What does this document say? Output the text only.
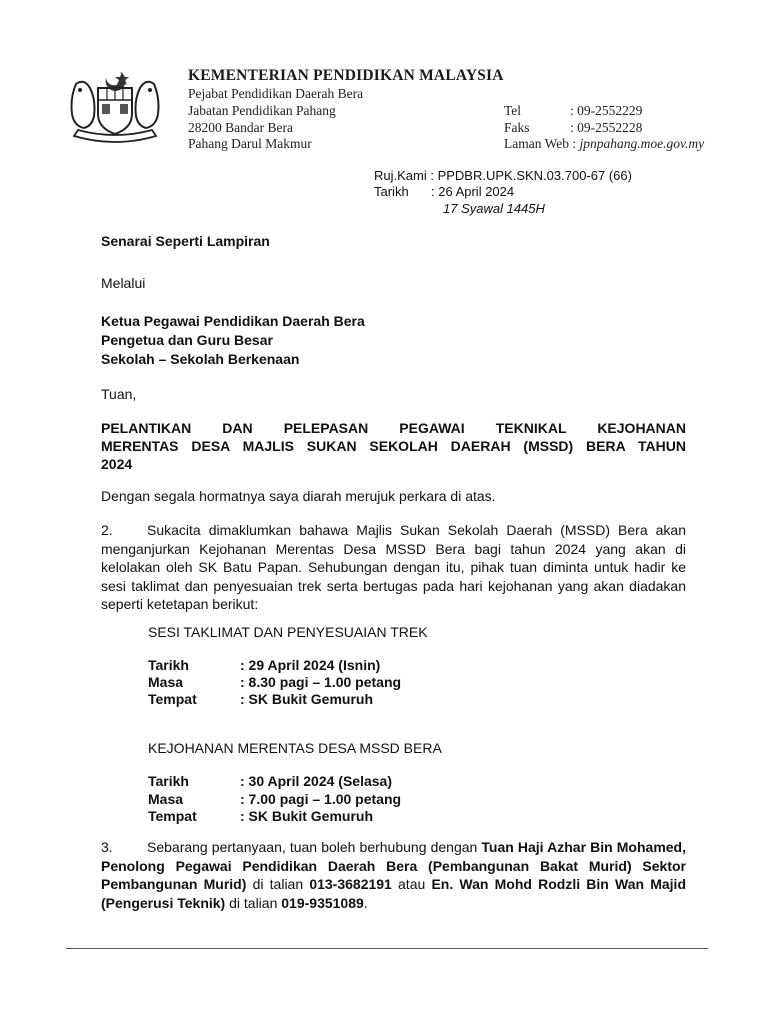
KEMENTERIAN PENDIDIKAN MALAYSIA
Pejabat Pendidikan Daerah Bera
Jabatan Pendidikan Pahang
28200 Bandar Bera
Pahang Darul Makmur
Tel	: 09-2552229
Faks	: 09-2552228
Laman Web : jpnpahang.moe.gov.my
Ruj.Kami : PPDBR.UPK.SKN.03.700-67 (66)
Tarikh : 26 April 2024
17 Syawal 1445H
Senarai Seperti Lampiran
Melalui
Ketua Pegawai Pendidikan Daerah Bera
Pengetua dan Guru Besar
Sekolah – Sekolah Berkenaan
Tuan,
PELANTIKAN DAN PELEPASAN PEGAWAI TEKNIKAL KEJOHANAN
MERENTAS DESA MAJLIS SUKAN SEKOLAH DAERAH (MSSD) BERA TAHUN
2024
Dengan segala hormatnya saya diarah merujuk perkara di atas.
2. Sukacita dimaklumkan bahawa Majlis Sukan Sekolah Daerah (MSSD) Bera akan menganjurkan Kejohanan Merentas Desa MSSD Bera bagi tahun 2024 yang akan di kelolakan oleh SK Batu Papan. Sehubungan dengan itu, pihak tuan diminta untuk hadir ke sesi taklimat dan penyesuaian trek serta bertugas pada hari kejohanan yang akan diadakan seperti ketetapan berikut:
SESI TAKLIMAT DAN PENYESUAIAN TREK
Tarikh	: 29 April 2024 (Isnin)
Masa	: 8.30 pagi – 1.00 petang
Tempat	: SK Bukit Gemuruh
KEJOHANAN MERENTAS DESA MSSD BERA
Tarikh	: 30 April 2024 (Selasa)
Masa	: 7.00 pagi – 1.00 petang
Tempat	: SK Bukit Gemuruh
3. Sebarang pertanyaan, tuan boleh berhubung dengan Tuan Haji Azhar Bin Mohamed, Penolong Pegawai Pendidikan Daerah Bera (Pembangunan Bakat Murid) Sektor Pembangunan Murid) di talian 013-3682191 atau En. Wan Mohd Rodzli Bin Wan Majid (Pengerusi Teknik) di talian 019-9351089.
